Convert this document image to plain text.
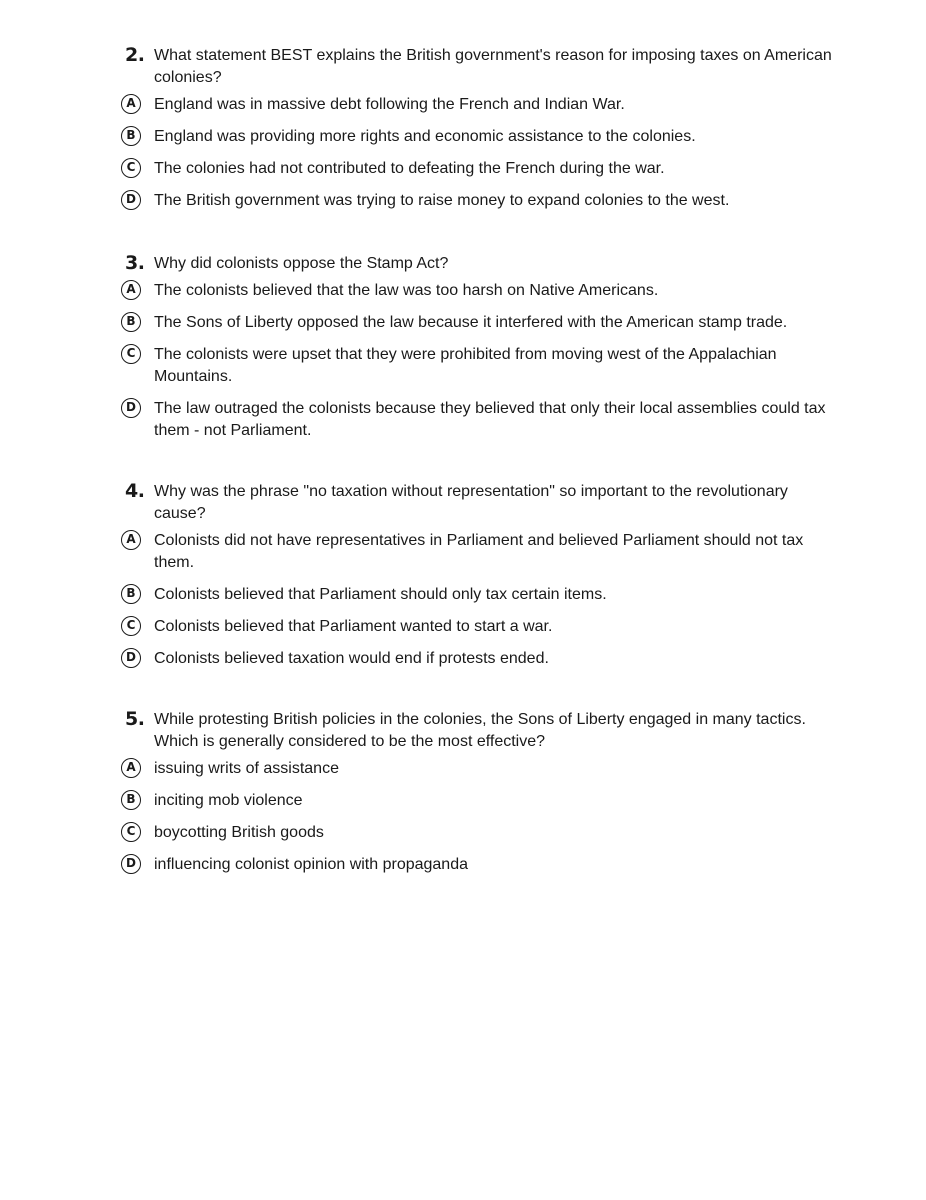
2. What statement BEST explains the British government's reason for imposing taxes on American colonies?
A	England was in massive debt following the French and Indian War.
B	England was providing more rights and economic assistance to the colonies.
C	The colonies had not contributed to defeating the French during the war.
D	The British government was trying to raise money to expand colonies to the west.
3. Why did colonists oppose the Stamp Act?
A	The colonists believed that the law was too harsh on Native Americans.
B	The Sons of Liberty opposed the law because it interfered with the American stamp trade.
C	The colonists were upset that they were prohibited from moving west of the Appalachian Mountains.
D	The law outraged the colonists because they believed that only their local assemblies could tax them - not Parliament.
4. Why was the phrase "no taxation without representation" so important to the revolutionary cause?
A	Colonists did not have representatives in Parliament and believed Parliament should not tax them.
B	Colonists believed that Parliament should only tax certain items.
C	Colonists believed that Parliament wanted to start a war.
D	Colonists believed taxation would end if protests ended.
5. While protesting British policies in the colonies, the Sons of Liberty engaged in many tactics. Which is generally considered to be the most effective?
A	issuing writs of assistance
B	inciting mob violence
C	boycotting British goods
D	influencing colonist opinion with propaganda
